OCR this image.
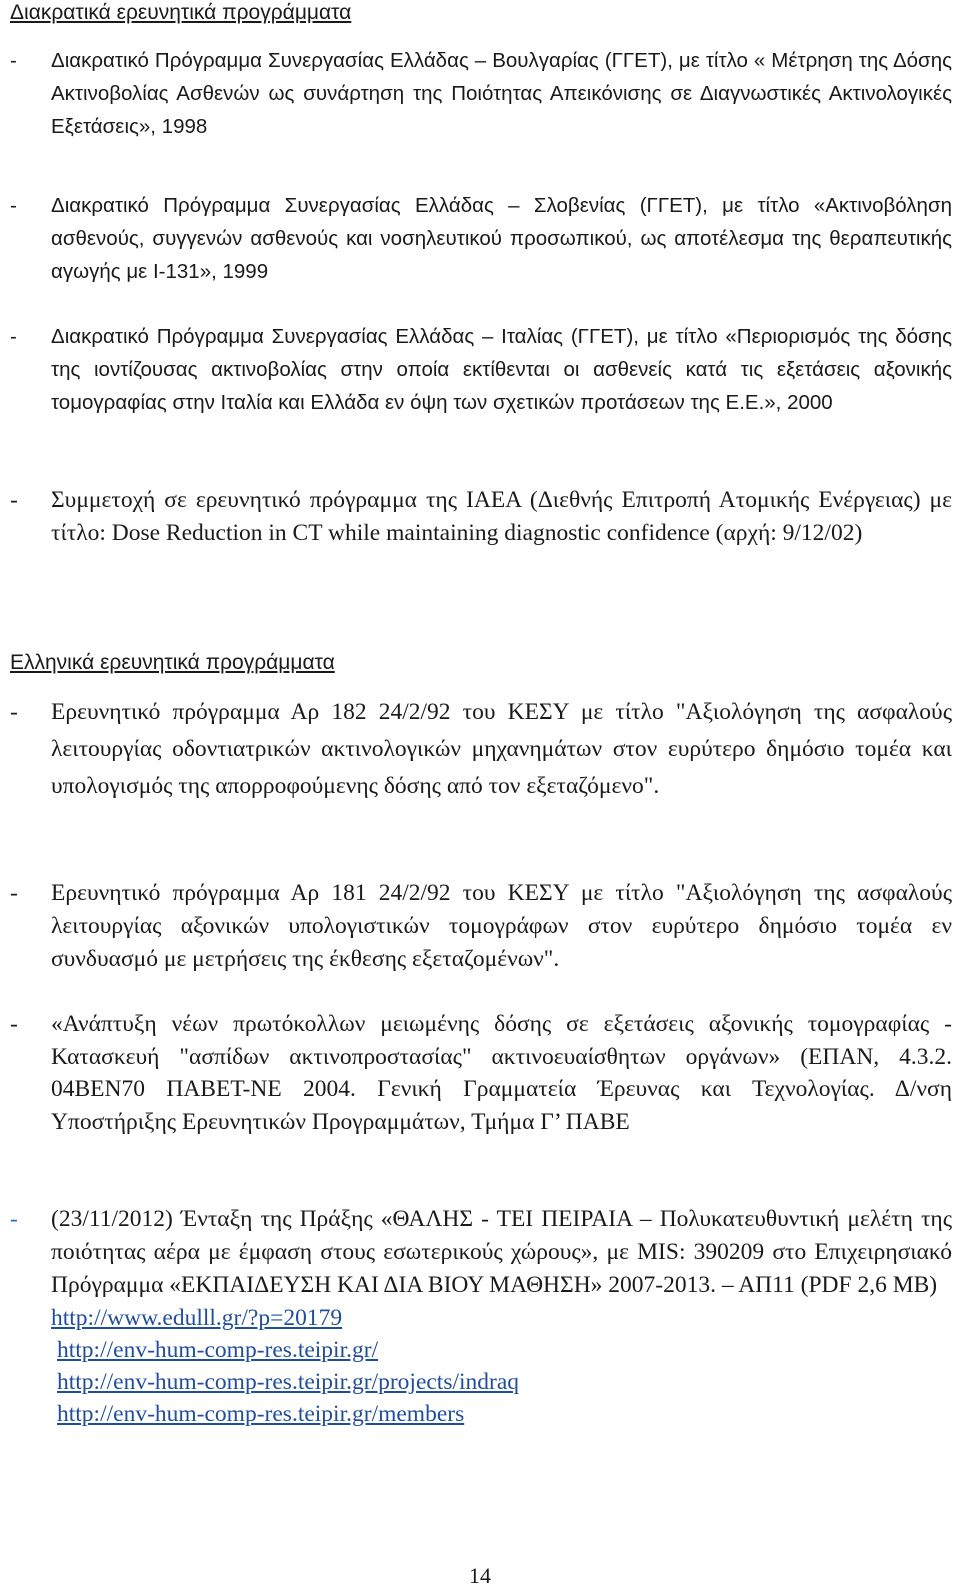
Διακρατικά ερευνητικά προγράμματα
- Διακρατικό Πρόγραμμα Συνεργασίας Ελλάδας – Βουλγαρίας (ΓΓΕΤ), με τίτλο « Μέτρηση της Δόσης Ακτινοβολίας Ασθενών ως συνάρτηση της Ποιότητας Απεικόνισης σε Διαγνωστικές Ακτινολογικές Εξετάσεις», 1998
- Διακρατικό Πρόγραμμα Συνεργασίας Ελλάδας – Σλοβενίας (ΓΓΕΤ), με τίτλο «Ακτινοβόληση ασθενούς, συγγενών ασθενούς και νοσηλευτικού προσωπικού, ως αποτέλεσμα της θεραπευτικής αγωγής με I-131», 1999
- Διακρατικό Πρόγραμμα Συνεργασίας Ελλάδας – Ιταλίας (ΓΓΕΤ), με τίτλο «Περιορισμός της δόσης της ιοντίζουσας ακτινοβολίας στην οποία εκτίθενται οι ασθενείς κατά τις εξετάσεις αξονικής τομογραφίας στην Ιταλία και Ελλάδα εν όψη των σχετικών προτάσεων της Ε.Ε.», 2000
- Συμμετοχή σε ερευνητικό πρόγραμμα της IAEA (Διεθνής Επιτροπή Ατομικής Ενέργειας) με τίτλο: Dose Reduction in CT while maintaining diagnostic confidence (αρχή: 9/12/02)
Ελληνικά ερευνητικά προγράμματα
- Ερευνητικό πρόγραμμα Αρ 182 24/2/92 του ΚΕΣΥ με τίτλο "Αξιολόγηση της ασφαλούς λειτουργίας οδοντιατρικών ακτινολογικών μηχανημάτων στον ευρύτερο δημόσιο τομέα και υπολογισμός της απορροφούμενης δόσης από τον εξεταζόμενο".
- Ερευνητικό πρόγραμμα Αρ 181 24/2/92 του ΚΕΣΥ με τίτλο "Αξιολόγηση της ασφαλούς λειτουργίας αξονικών υπολογιστικών τομογράφων στον ευρύτερο δημόσιο τομέα εν συνδυασμό με μετρήσεις της έκθεσης εξεταζομένων".
- «Ανάπτυξη νέων πρωτόκολλων μειωμένης δόσης σε εξετάσεις αξονικής τομογραφίας - Κατασκευή "ασπίδων ακτινοπροστασίας" ακτινοευαίσθητων οργάνων» (ΕΠΑΝ, 4.3.2. 04BEN70 ΠΑΒΕΤ-ΝΕ 2004. Γενική Γραμματεία Έρευνας και Τεχνολογίας. Δ/νση Υποστήριξης Ερευνητικών Προγραμμάτων, Τμήμα Γ’ ΠΑΒΕ
- (23/11/2012) Ένταξη της Πράξης «ΘΑΛΗΣ - ΤΕΙ ΠΕΙΡΑΙΑ – Πολυκατευθυντική μελέτη της ποιότητας αέρα με έμφαση στους εσωτερικούς χώρους», με MIS: 390209 στο Επιχειρησιακό Πρόγραμμα «ΕΚΠΑΙΔΕΥΣΗ ΚΑΙ ΔΙΑ ΒΙΟΥ ΜΑΘΗΣΗ» 2007-2013. – ΑΠ11 (PDF 2,6 MB)
http://www.edulll.gr/?p=20179
http://env-hum-comp-res.teipir.gr/
http://env-hum-comp-res.teipir.gr/projects/indraq
http://env-hum-comp-res.teipir.gr/members
14
